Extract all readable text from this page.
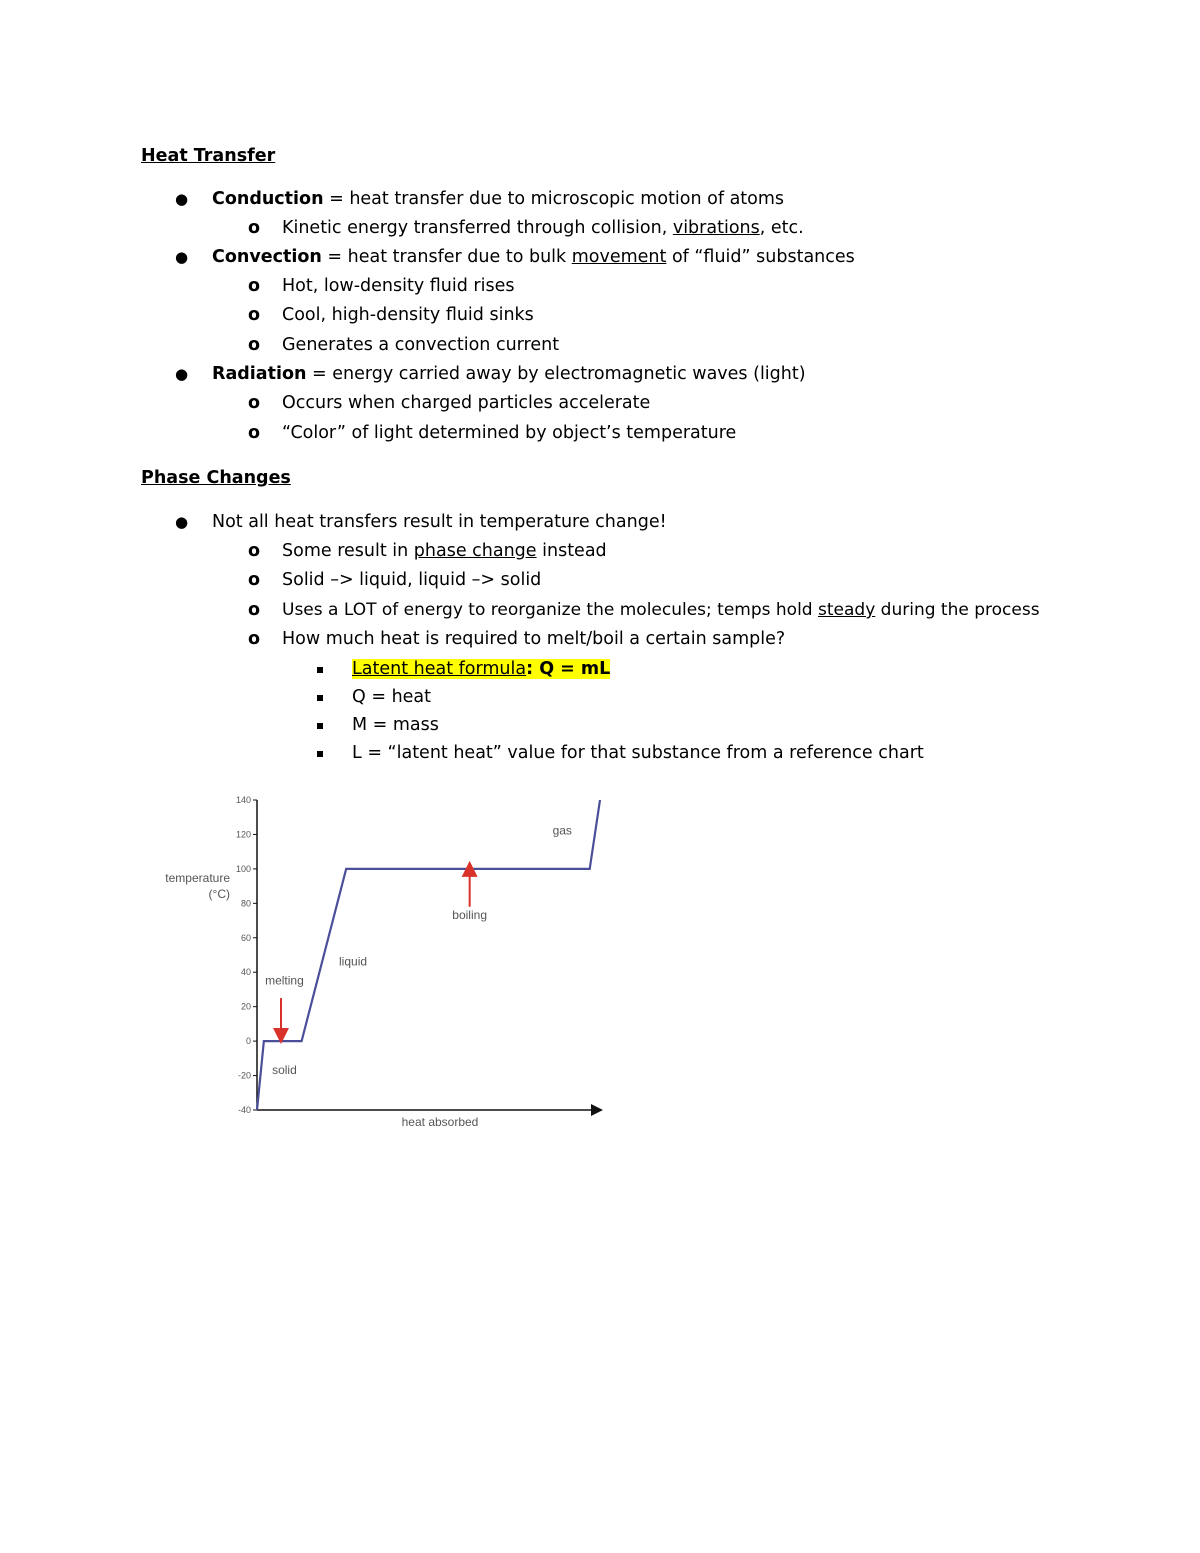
Heat Transfer
● Conduction = heat transfer due to microscopic motion of atoms
o Kinetic energy transferred through collision, vibrations, etc.
● Convection = heat transfer due to bulk movement of “fluid” substances
o Hot, low-density fluid rises
o Cool, high-density fluid sinks
o Generates a convection current
● Radiation = energy carried away by electromagnetic waves (light)
o Occurs when charged particles accelerate
o “Color” of light determined by object’s temperature
Phase Changes
● Not all heat transfers result in temperature change!
o Some result in phase change instead
o Solid –> liquid, liquid –> solid
o Uses a LOT of energy to reorganize the molecules; temps hold steady during the process
o How much heat is required to melt/boil a certain sample?
Latent heat formula: Q = mL
Q = heat
M = mass
L = “latent heat” value for that substance from a reference chart
140
120
100
80
60
40
20
0
-20
-40
temperature
(°C)
heat absorbed
melting
boiling
solid
liquid
gas
